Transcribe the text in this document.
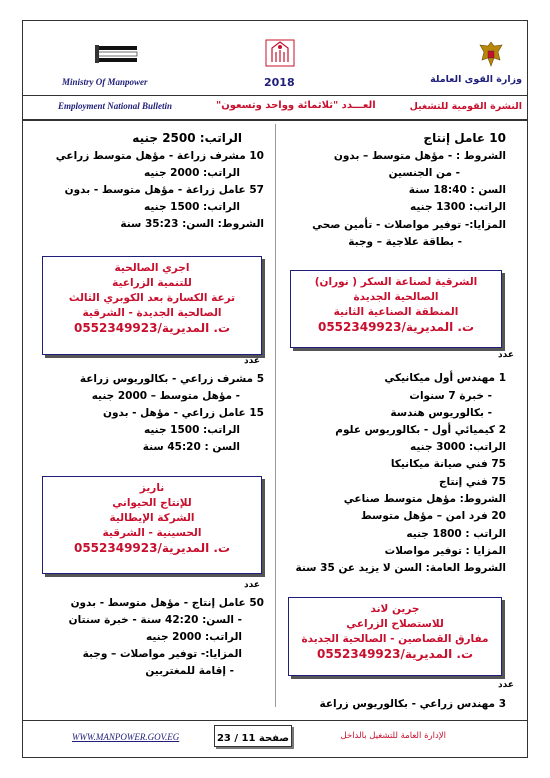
Ministry Of Manpower
Employment National Bulletin
2018
العـــدد "ثلاثمائة وواحد وتسعون"
وزارة القوى العاملة
النشرة القومية للتشغيل
10 عامل إنتاج
الشروط : - مؤهل متوسط – بدون
- من الجنسين
السن : 18:40 سنة
الراتب: 1300 جنيه
المزايا:- توفير مواصلات - تأمين صحي
- بطاقة علاجية – وجبة
الشرقية لصناعة السكر ( نوران)
الصالحية الجديدة
المنطقة الصناعية الثانية
ت. المديرية/0552349923
عدد
1 مهندس أول ميكانيكي
- خبرة 7 سنوات
- بكالوريوس هندسة
2 كيميائي أول - بكالوريوس علوم
الراتب: 3000 جنيه
75 فني صيانة ميكانيكا
75 فني إنتاج
الشروط: مؤهل متوسط صناعي
20 فرد امن – مؤهل متوسط
الراتب : 1800 جنيه
المزايا : توفير مواصلات
الشروط العامة: السن لا يزيد عن 35 سنة
جرين لاند
للاستصلاح الزراعي
مفارق القصاصين - الصالحية الجديدة
ت. المديرية/0552349923
عدد
3 مهندس زراعي - بكالوريوس زراعة
الراتب: 2500 جنيه
10 مشرف زراعة - مؤهل متوسط زراعي
الراتب: 2000 جنيه
57 عامل زراعة - مؤهل متوسط - بدون
الراتب: 1500 جنيه
الشروط: السن: 35:23 سنة
اجري الصالحية
للتنمية الزراعية
ترعة الكسارة بعد الكوبري الثالث
الصالحية الجديدة - الشرقية
ت. المديرية/0552349923
عدد
5 مشرف زراعي - بكالوريوس زراعة
- مؤهل متوسط – 2000 جنيه
15 عامل زراعي - مؤهل - بدون
الراتب: 1500 جنيه
السن : 45:20 سنة
ناريز
للإنتاج الحيواني
الشركة الإيطالية
الحسينية - الشرقية
ت. المديرية/0552349923
عدد
50 عامل إنتاج - مؤهل متوسط - بدون
- السن: 42:20 سنة - خبرة سنتان
الراتب: 2000 جنيه
المزايا:- توفير مواصلات – وجبة
- إقامة للمغتربين
WWW.MANPOWER.GOV.EG	صفحة 11 / 23	الإدارة العامة للتشغيل بالداخل
